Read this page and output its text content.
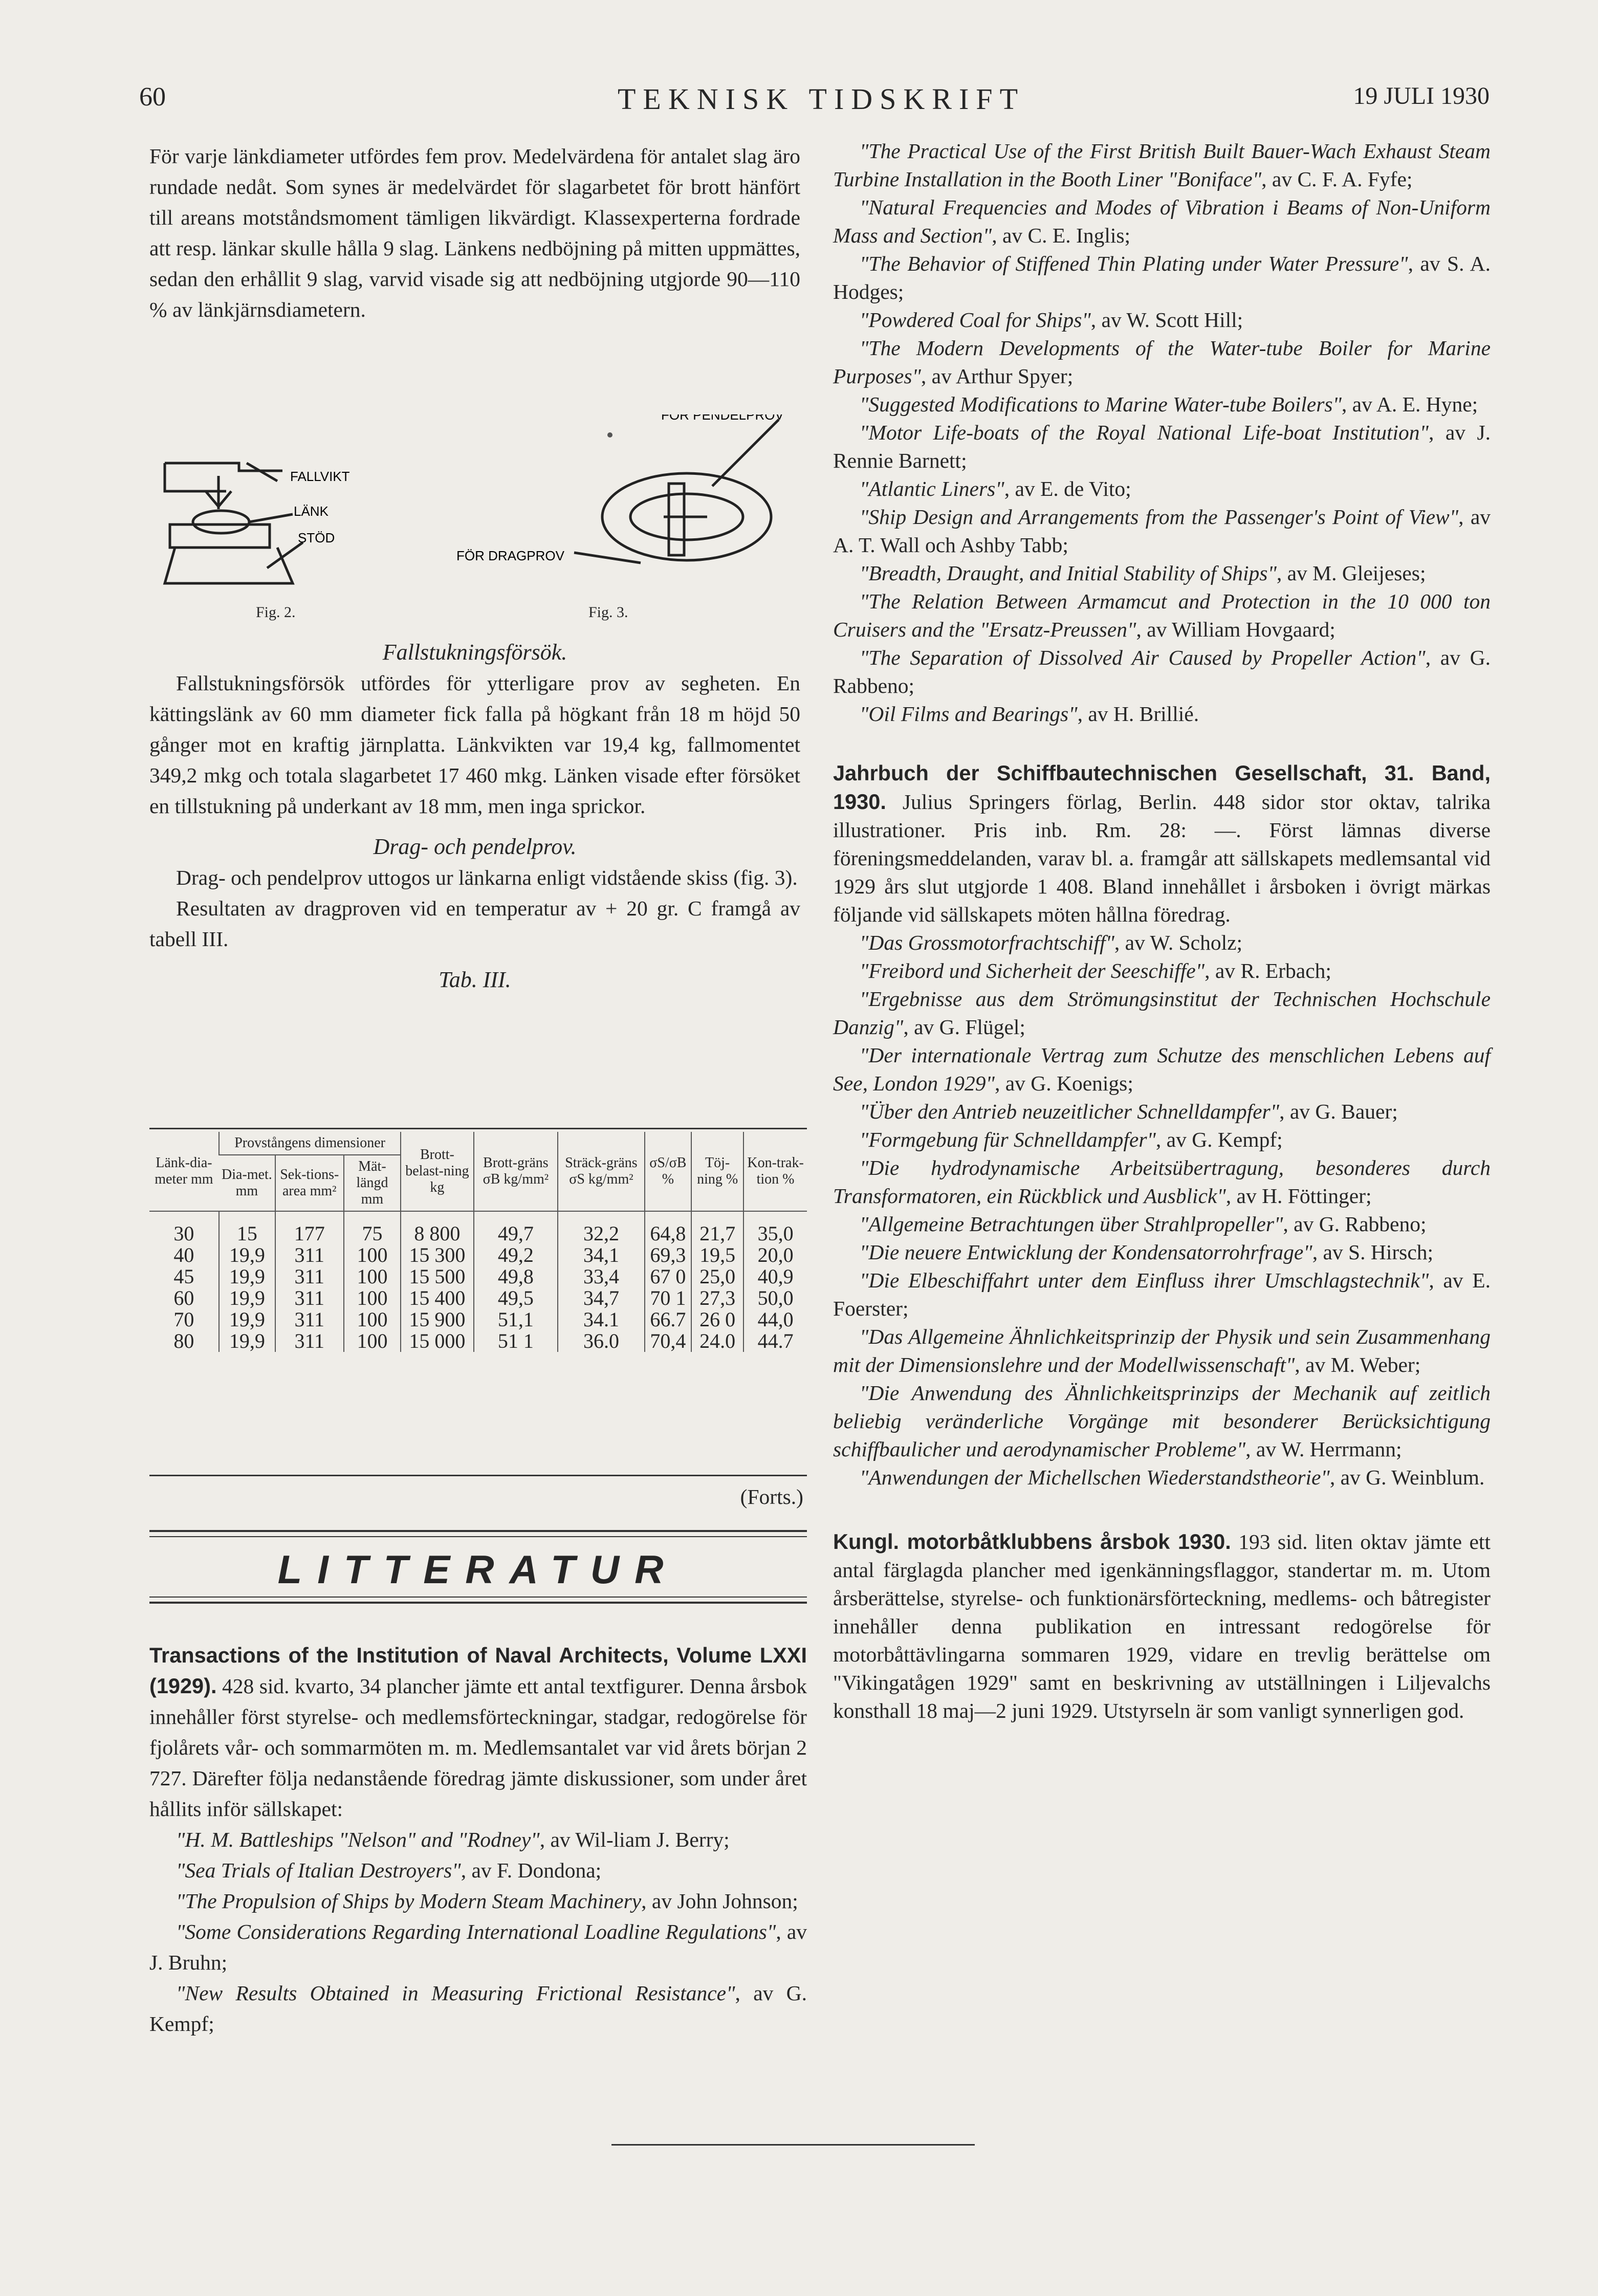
60	TEKNISK TIDSKRIFT	19 JULI 1930

För varje länkdiameter utfördes fem prov. Medelvärdena för antalet slag äro rundade nedåt. Som synes är medelvärdet för slagarbetet för brott hänfört till areans motståndsmoment tämligen likvärdigt. Klassexperterna fordrade att resp. länkar skulle hålla 9 slag. Länkens nedböjning på mitten uppmättes, sedan den erhållit 9 slag, varvid visade sig att nedböjning utgjorde 90—110 % av länkjärnsdiametern.

FALLVIKT
LÄNK
STÖD
FÖR PENDELPROV
FÖR DRAGPROV
Fig. 2.	Fig. 3.

Fallstukningsförsök.

Fallstukningsförsök utfördes för ytterligare prov av segheten. En kättingslänk av 60 mm diameter fick falla på högkant från 18 m höjd 50 gånger mot en kraftig järnplatta. Länkvikten var 19,4 kg, fallmomentet 349,2 mkg och totala slagarbetet 17 460 mkg. Länken visade efter försöket en tillstukning på underkant av 18 mm, men inga sprickor.

Drag- och pendelprov.

Drag- och pendelprov uttogos ur länkarna enligt vidstående skiss (fig. 3).

Resultaten av dragproven vid en temperatur av + 20 gr. C framgå av tabell III.

Tab. III.

Länk-dia-meter mm	Provstångens dimensioner			Brott-belast-ning kg	Brott-gräns σB kg/mm²	Sträck-gräns σS kg/mm²	σS/σB %	Töj-ning %	Kon-trak-tion %
	Dia-met. mm	Sek-tions-area mm²	Mät-längd mm						
30	15	177	75	8 800	49,7	32,2	64,8	21,7	35,0
40	19,9	311	100	15 300	49,2	34,1	69,3	19,5	20,0
45	19,9	311	100	15 500	49,8	33,4	67 0	25,0	40,9
60	19,9	311	100	15 400	49,5	34,7	70 1	27,3	50,0
70	19,9	311	100	15 900	51,1	34.1	66.7	26 0	44,0
80	19,9	311	100	15 000	51 1	36.0	70,4	24.0	44.7
(Forts.)
LITTERATUR

Transactions of the Institution of Naval Architects, Volume LXXI (1929). 428 sid. kvarto, 34 plancher jämte ett antal textfigurer. Denna årsbok innehåller först styrelse- och medlemsförteckningar, stadgar, redogörelse för fjolårets vår- och sommarmöten m. m. Medlemsantalet var vid årets början 2 727. Därefter följa nedanstående föredrag jämte diskussioner, som under året hållits inför sällskapet:

"H. M. Battleships "Nelson" and "Rodney", av Wil-liam J. Berry;

"Sea Trials of Italian Destroyers", av F. Dondona;

"The Propulsion of Ships by Modern Steam Machinery, av John Johnson;

"Some Considerations Regarding International Loadline Regulations", av J. Bruhn;

"New Results Obtained in Measuring Frictional Resistance", av G. Kempf;

"The Practical Use of the First British Built Bauer-Wach Exhaust Steam Turbine Installation in the Booth Liner "Boniface", av C. F. A. Fyfe;

"Natural Frequencies and Modes of Vibration i Beams of Non-Uniform Mass and Section", av C. E. Inglis;

"The Behavior of Stiffened Thin Plating under Water Pressure", av S. A. Hodges;

"Powdered Coal for Ships", av W. Scott Hill;

"The Modern Developments of the Water-tube Boiler for Marine Purposes", av Arthur Spyer;

"Suggested Modifications to Marine Water-tube Boilers", av A. E. Hyne;

"Motor Life-boats of the Royal National Life-boat Institution", av J. Rennie Barnett;

"Atlantic Liners", av E. de Vito;

"Ship Design and Arrangements from the Passenger's Point of View", av A. T. Wall och Ashby Tabb;

"Breadth, Draught, and Initial Stability of Ships", av M. Gleijeses;

"The Relation Between Armamcut and Protection in the 10 000 ton Cruisers and the "Ersatz-Preussen", av William Hovgaard;

"The Separation of Dissolved Air Caused by Propeller Action", av G. Rabbeno;

"Oil Films and Bearings", av H. Brillié.

Jahrbuch der Schiffbautechnischen Gesellschaft, 31. Band, 1930. Julius Springers förlag, Berlin. 448 sidor stor oktav, talrika illustrationer. Pris inb. Rm. 28: —. Först lämnas diverse föreningsmeddelanden, varav bl. a. framgår att sällskapets medlemsantal vid 1929 års slut utgjorde 1 408. Bland innehållet i årsboken i övrigt märkas följande vid sällskapets möten hållna föredrag.

"Das Grossmotorfrachtschiff", av W. Scholz;

"Freibord und Sicherheit der Seeschiffe", av R. Erbach;

"Ergebnisse aus dem Strömungsinstitut der Technischen Hochschule Danzig", av G. Flügel;

"Der internationale Vertrag zum Schutze des menschlichen Lebens auf See, London 1929", av G. Koenigs;

"Über den Antrieb neuzeitlicher Schnelldampfer", av G. Bauer;

"Formgebung für Schnelldampfer", av G. Kempf;

"Die hydrodynamische Arbeitsübertragung, besonderes durch Transformatoren, ein Rückblick und Ausblick", av H. Föttinger;

"Allgemeine Betrachtungen über Strahlpropeller", av G. Rabbeno;

"Die neuere Entwicklung der Kondensatorrohrfrage", av S. Hirsch;

"Die Elbeschiffahrt unter dem Einfluss ihrer Umschlagstechnik", av E. Foerster;

"Das Allgemeine Ähnlichkeitsprinzip der Physik und sein Zusammenhang mit der Dimensionslehre und der Modellwissenschaft", av M. Weber;

"Die Anwendung des Ähnlichkeitsprinzips der Mechanik auf zeitlich beliebig veränderliche Vorgänge mit besonderer Berücksichtigung schiffbaulicher und aerodynamischer Probleme", av W. Herrmann;

"Anwendungen der Michellschen Wiederstandstheorie", av G. Weinblum.

Kungl. motorbåtklubbens årsbok 1930. 193 sid. liten oktav jämte ett antal färglagda plancher med igenkänningsflaggor, standertar m. m. Utom årsberättelse, styrelse- och funktionärsförteckning, medlems- och båtregister innehåller denna publikation en intressant redogörelse för motorbåttävlingarna sommaren 1929, vidare en trevlig berättelse om "Vikingatågen 1929" samt en beskrivning av utställningen i Liljevalchs konsthall 18 maj—2 juni 1929. Utstyrseln är som vanligt synnerligen god.
